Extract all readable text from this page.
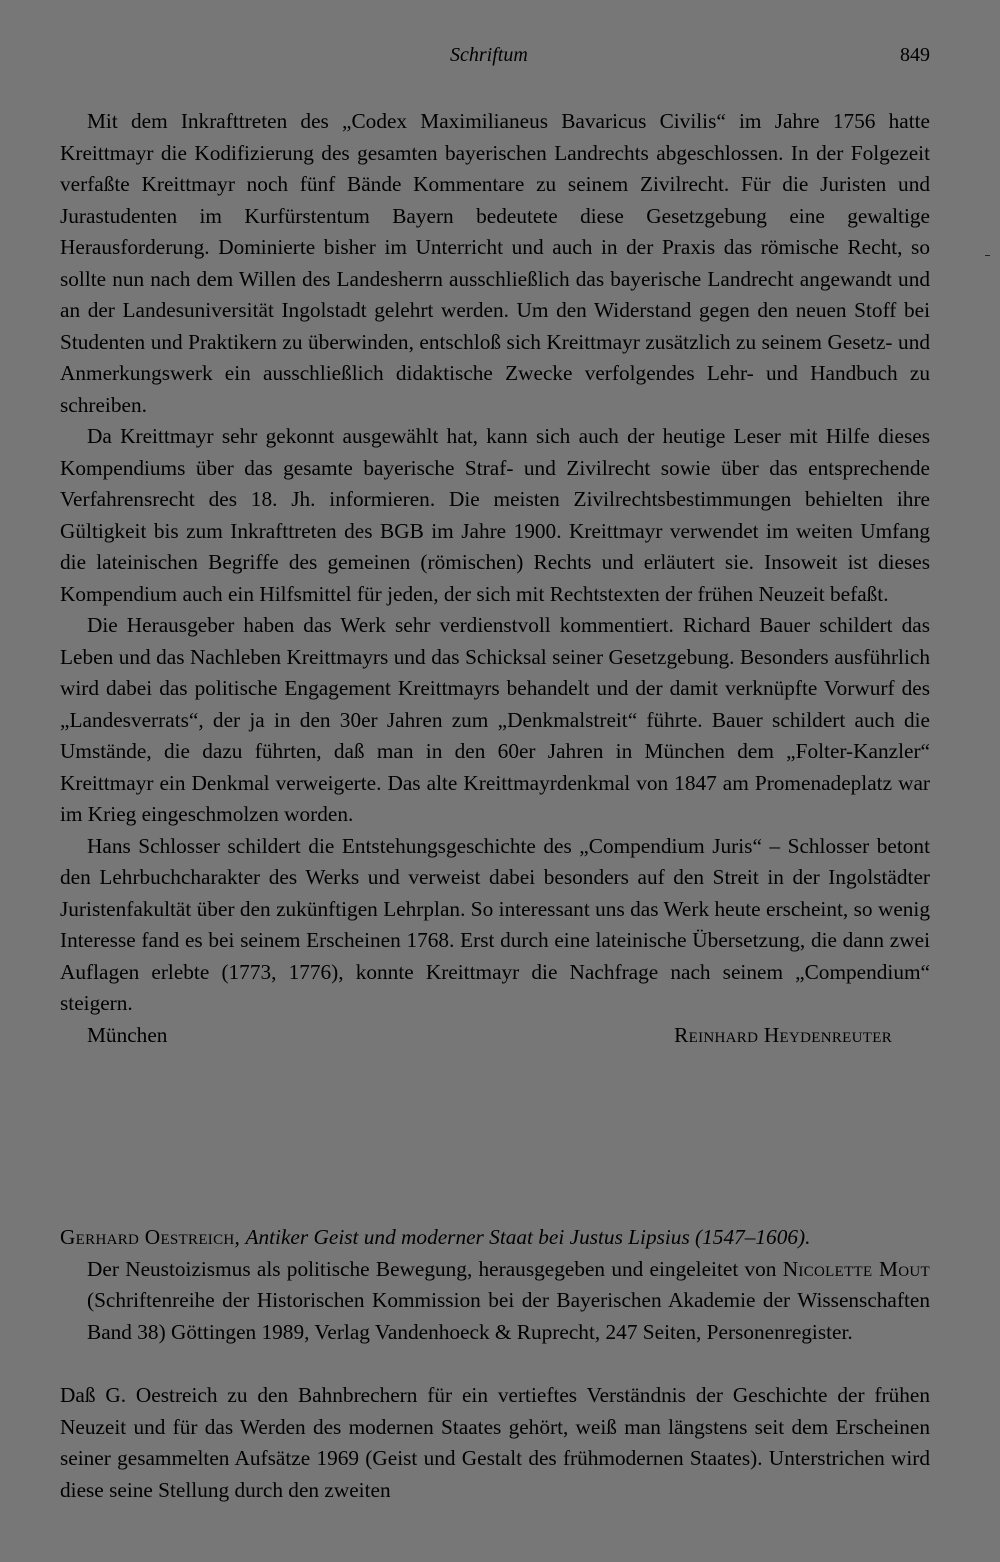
Schriftum	849

Mit dem Inkrafttreten des „Codex Maximilianeus Bavaricus Civilis“ im Jahre 1756 hatte Kreittmayr die Kodifizierung des gesamten bayerischen Landrechts abgeschlossen. In der Folgezeit verfaßte Kreittmayr noch fünf Bände Kommentare zu seinem Zivilrecht. Für die Juristen und Jurastudenten im Kurfürstentum Bayern bedeutete diese Gesetzgebung eine gewaltige Herausforderung. Dominierte bisher im Unterricht und auch in der Praxis das römische Recht, so sollte nun nach dem Willen des Landesherrn ausschließlich das bayerische Landrecht angewandt und an der Landesuniversität Ingolstadt gelehrt werden. Um den Widerstand gegen den neuen Stoff bei Studenten und Praktikern zu überwinden, entschloß sich Kreittmayr zusätzlich zu seinem Gesetz- und Anmerkungswerk ein ausschließlich didaktische Zwecke verfolgendes Lehr- und Handbuch zu schreiben.

Da Kreittmayr sehr gekonnt ausgewählt hat, kann sich auch der heutige Leser mit Hilfe dieses Kompendiums über das gesamte bayerische Straf- und Zivilrecht sowie über das entsprechende Verfahrensrecht des 18. Jh. informieren. Die meisten Zivilrechtsbestimmungen behielten ihre Gültigkeit bis zum Inkrafttreten des BGB im Jahre 1900. Kreittmayr verwendet im weiten Umfang die lateinischen Begriffe des gemeinen (römischen) Rechts und erläutert sie. Insoweit ist dieses Kompendium auch ein Hilfsmittel für jeden, der sich mit Rechtstexten der frühen Neuzeit befaßt.

Die Herausgeber haben das Werk sehr verdienstvoll kommentiert. Richard Bauer schildert das Leben und das Nachleben Kreittmayrs und das Schicksal seiner Gesetzgebung. Besonders ausführlich wird dabei das politische Engagement Kreittmayrs behandelt und der damit verknüpfte Vorwurf des „Landesverrats“, der ja in den 30er Jahren zum „Denkmalstreit“ führte. Bauer schildert auch die Umstände, die dazu führten, daß man in den 60er Jahren in München dem „Folter-Kanzler“ Kreittmayr ein Denkmal verweigerte. Das alte Kreittmayrdenkmal von 1847 am Promenadeplatz war im Krieg eingeschmolzen worden.

Hans Schlosser schildert die Entstehungsgeschichte des „Compendium Juris“ – Schlosser betont den Lehrbuchcharakter des Werks und verweist dabei besonders auf den Streit in der Ingolstädter Juristenfakultät über den zukünftigen Lehrplan. So interessant uns das Werk heute erscheint, so wenig Interesse fand es bei seinem Erscheinen 1768. Erst durch eine lateinische Übersetzung, die dann zwei Auflagen erlebte (1773, 1776), konnte Kreittmayr die Nachfrage nach seinem „Compendium“ steigern.

München	Reinhard Heydenreuter
Gerhard Oestreich, Antiker Geist und moderner Staat bei Justus Lipsius (1547–1606).
Der Neustoizismus als politische Bewegung, herausgegeben und eingeleitet von Nicolette Mout (Schriftenreihe der Historischen Kommission bei der Bayerischen Akademie der Wissenschaften Band 38) Göttingen 1989, Verlag Vandenhoeck & Ruprecht, 247 Seiten, Personenregister.

Daß G. Oestreich zu den Bahnbrechern für ein vertieftes Verständnis der Geschichte der frühen Neuzeit und für das Werden des modernen Staates gehört, weiß man längstens seit dem Erscheinen seiner gesammelten Aufsätze 1969 (Geist und Gestalt des frühmodernen Staates). Unterstrichen wird diese seine Stellung durch den zweiten
